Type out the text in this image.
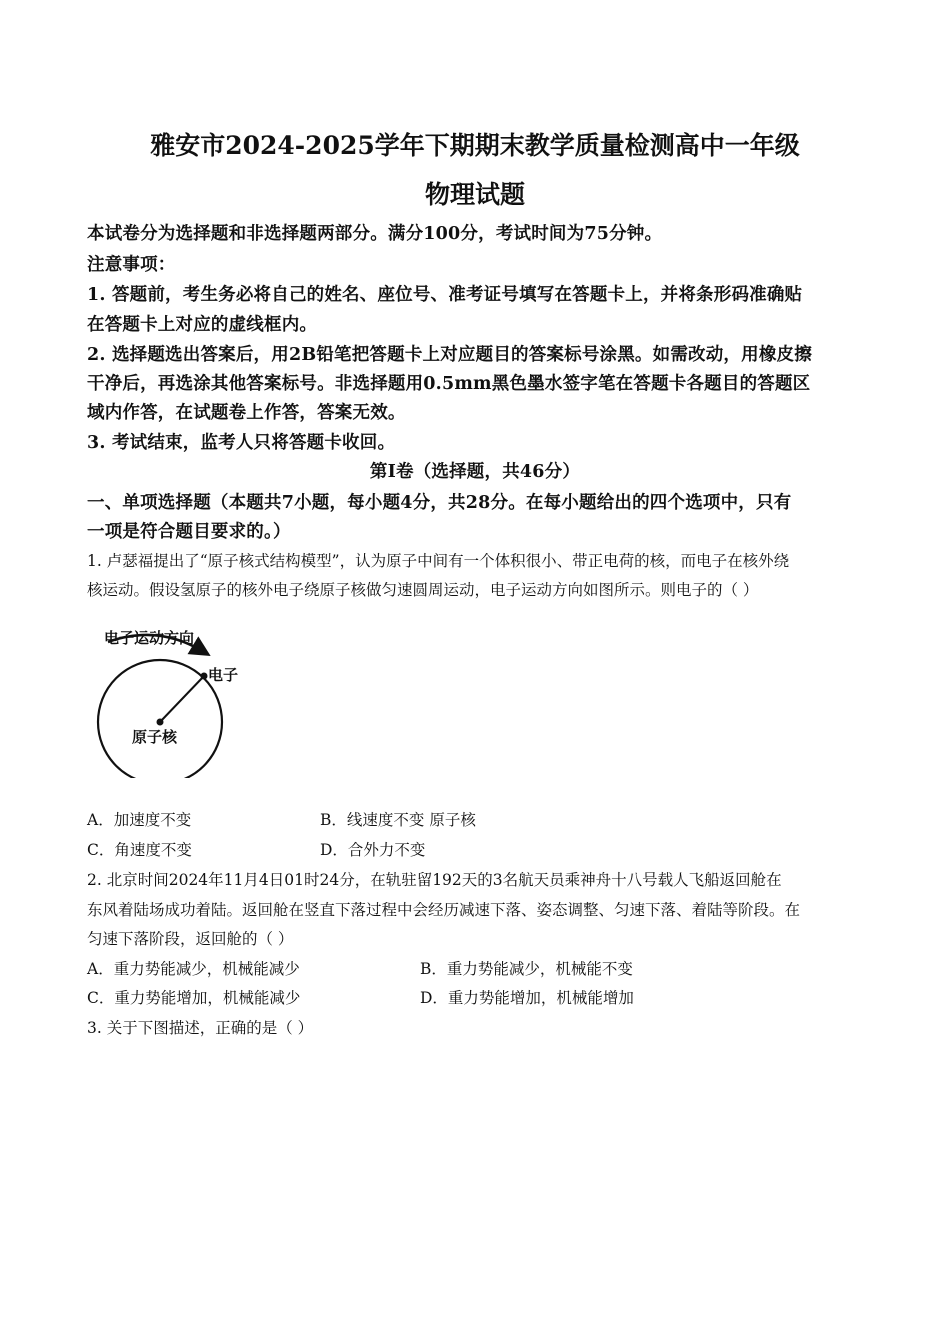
雅安市2024-2025学年下期期末教学质量检测高中一年级
物理试题
本试卷分为选择题和非选择题两部分。满分100分，考试时间为75分钟。
注意事项：
1. 答题前，考生务必将自己的姓名、座位号、准考证号填写在答题卡上，并将条形码准确贴
在答题卡上对应的虚线框内。
2. 选择题选出答案后，用2B铅笔把答题卡上对应题目的答案标号涂黑。如需改动，用橡皮擦
干净后，再选涂其他答案标号。非选择题用0.5mm黑色墨水签字笔在答题卡各题目的答题区
域内作答，在试题卷上作答，答案无效。
3. 考试结束，监考人只将答题卡收回。
第Ⅰ卷（选择题，共46分）
一、单项选择题（本题共7小题，每小题4分，共28分。在每小题给出的四个选项中，只有
一项是符合题目要求的。）
1. 卢瑟福提出了“原子核式结构模型”，认为原子中间有一个体积很小、带正电荷的核，而电子在核外绕
核运动。假设氢原子的核外电子绕原子核做匀速圆周运动，电子运动方向如图所示。则电子的（ ）
电子运动方向
电子
原子核
A．加速度不变	B．线速度不变 原子核
C．角速度不变	D．合外力不变
2. 北京时间2024年11月4日01时24分，在轨驻留192天的3名航天员乘神舟十八号载人飞船返回舱在
东风着陆场成功着陆。返回舱在竖直下落过程中会经历减速下落、姿态调整、匀速下落、着陆等阶段。在
匀速下落阶段，返回舱的（ ）
A．重力势能减少，机械能减少	B．重力势能减少，机械能不变
C．重力势能增加，机械能减少	D．重力势能增加，机械能增加
3. 关于下图描述，正确的是（ ）
